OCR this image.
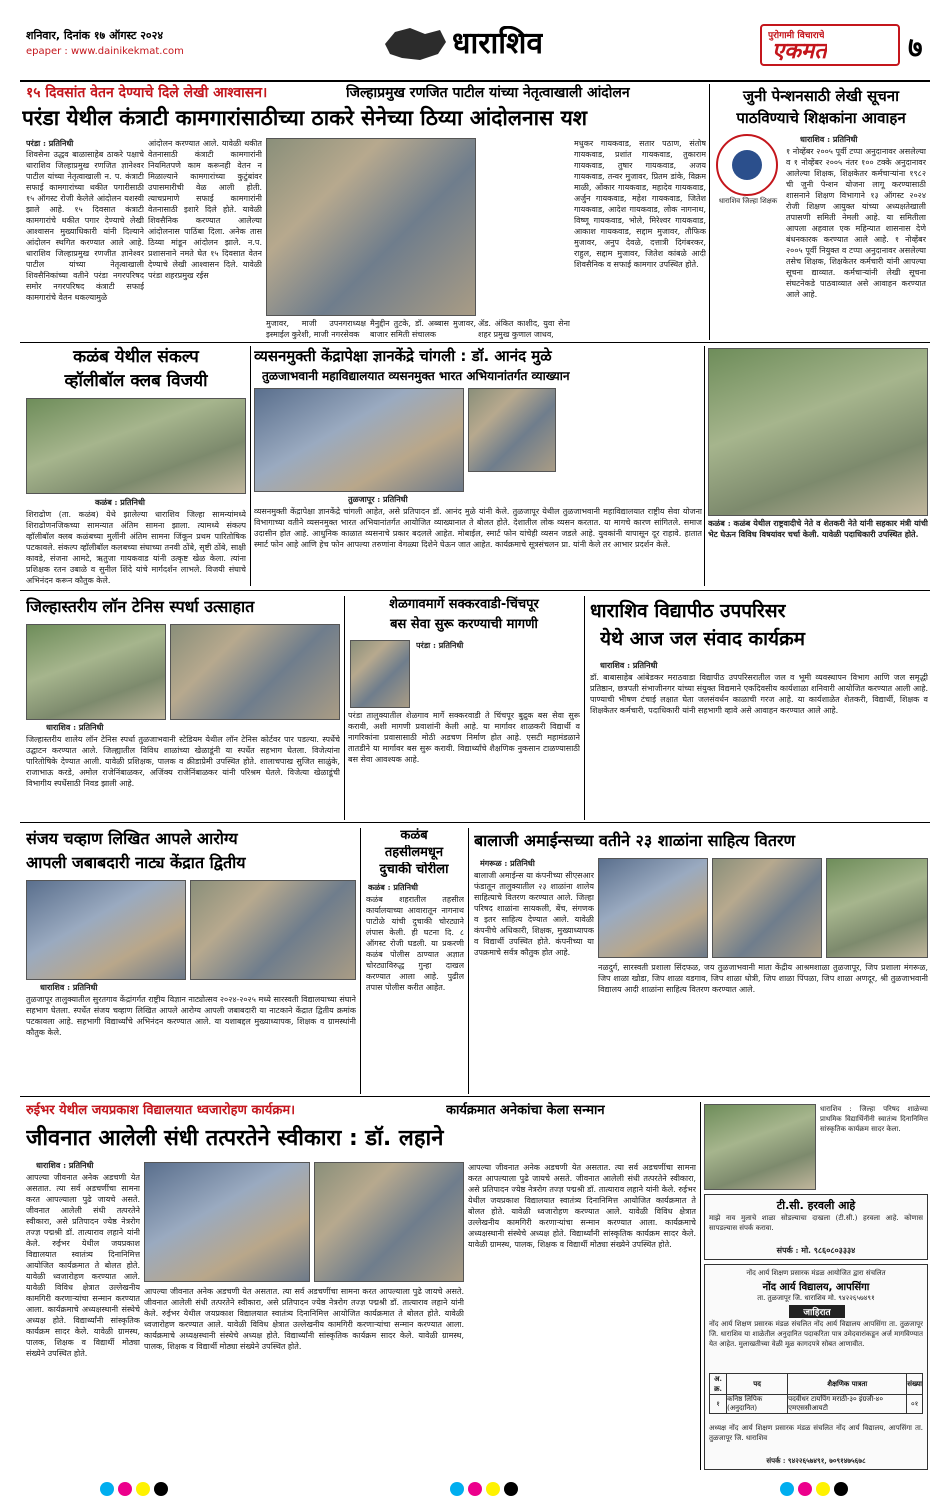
शनिवार, दिनांक १७ ऑगस्ट २०२४
epaper : www.dainikekmat.com	धाराशिव	पुरोगामी विचाराचे
एकमत	७
१५ दिवसांत वेतन देण्याचे दिले लेखी आश्वासन।	जिल्हाप्रमुख रणजित पाटील यांच्या नेतृत्वाखाली आंदोलन
परंडा येथील कंत्राटी कामगारांसाठीच्या ठाकरे सेनेच्या ठिय्या आंदोलनास यश
परंडा : प्रतिनिधी
शिवसेना उद्धव बाळासाहेब ठाकरे पक्षाचे धाराशिव जिल्हाप्रमुख रणजित ज्ञानेश्वर पाटील यांच्या नेतृत्वाखाली न. प. कंत्राटी सफाई कामगारांच्या थकीत पगारीसाठी १५ ऑगस्ट रोजी केलेले आंदोलन यशस्वी झाले आहे. १५ दिवसात कंत्राटी कामगारांचे थकीत पगार देण्याचे लेखी आश्वासन मुख्याधिकारी यांनी दिल्याने आंदोलन स्थगित करण्यात आले आहे. धाराशिव जिल्हाप्रमुख रणजीत ज्ञानेश्वर पाटील यांच्या नेतृत्वाखाली शिवसैनिकांच्या वतीने परंडा नगरपरिषद समोर नगरपरिषद कंत्राटी सफाई कामगारांचे वेतन थकल्यामुळे
आंदोलन करण्यात आले. यावेळी थकीत वेतनासाठी कंत्राटी कामगारांनी नियमितपणे काम करूनही वेतन न मिळाल्याने कामगारांच्या कुटुंबांवर उपासमारीची वेळ आली होती. त्याचप्रमाणे सफाई कामगारांनी वेतनासाठी इशारे दिले होते. यावेळी शिवसैनिक करण्यात आलेल्या आंदोलनास पाठिंबा दिला. अनेक तास ठिय्या मांडून आंदोलन झाले. न.प. प्रशासनाने नमते घेत १५ दिवसात वेतन देण्याचे लेखी आश्वासन दिले. यावेळी परंडा शहरप्रमुख रईस
मुजावर, माजी उपनगराध्यक्ष इस्माईल कुरेशी, माजी नगरसेवक
मैनुद्दीन तुटके, डॉ. अब्बास मुजावर, बाजार समिती संचालक
ॲड. अंकित काशीद, युवा सेना शहर प्रमुख कुणाल जाधव,
मधुकर गायकवाड, सतार पठाण, संतोष गायकवाड, प्रशांत गायकवाड, तुकाराम गायकवाड, तुषार गायकवाड, अजय गायकवाड, तन्वर मुजावर, प्रितम डांके, विक्रम माळी, ओंकार गायकवाड, महादेव गायकवाड, अर्जुन गायकवाड, महेश गायकवाड, जितेश गायकवाड, आदेश गायकवाड, लोक नागनाथ, विष्णू गायकवाड, भोले, मिरेश्वर गायकवाड, आकाश गायकवाड, सद्दाम मुजावर, तौफिक मुजावर, अनुप देवळे, दत्तात्री दिगंबरकर, राहुल, सद्दाम मुजावर, जितेश कांबळे आदी शिवसैनिक व सफाई कामगार उपस्थित होते.
जुनी पेन्शनसाठी लेखी सूचना
पाठविण्याचे शिक्षकांना आवाहन
धाराशिव जिल्हा शिक्षक
धाराशिव : प्रतिनिधी
१ नोव्हेंबर २००५ पूर्वी टप्पा अनुदानावर असलेल्या व १ नोव्हेंबर २००५ नंतर १०० टक्के अनुदानावर आलेल्या शिक्षक, शिक्षकेतर कर्मचाऱ्यांना १९८२ ची जुनी पेन्शन योजना लागू करण्यासाठी शासनाने शिक्षण विभागाने १३ ऑगस्ट २०२४ रोजी शिक्षण आयुक्त यांच्या अध्यक्षतेखाली तपासणी समिती नेमली आहे. या समितीला आपला अहवाल एक महिन्यात शासनास देणे बंधनकारक करण्यात आले आहे. १ नोव्हेंबर २००५ पूर्वी नियुक्त व टप्पा अनुदानावर असलेल्या तसेच शिक्षक, शिक्षकेतर कर्मचारी यांनी आपल्या सूचना द्याव्यात. कर्मचाऱ्यांनी लेखी सूचना संघटनेकडे पाठवाव्यात असे आवाहन करण्यात आले आहे.
कळंब येथील संकल्प
व्हॉलीबॉल क्लब विजयी
कळंब : प्रतिनिधी
शिराढोण (ता. कळंब) येथे झालेल्या धाराशिव जिल्हा सामन्यांमध्ये शिराढोणनजिकच्या सामन्यात अंतिम सामना झाला. त्यामध्ये संकल्प व्हॉलीबॉल क्लब कळंबच्या मुलींनी अंतिम सामना जिंकून प्रथम पारितोषिक पटकावले. संकल्प व्हॉलीबॉल कलबच्या संघाच्या तनवी ठोंबे, सृष्टी ठोंबे, साक्षी कावडे, संजना आमटे, ऋतुजा गायकवाड यांनी उत्कृष्ट खेळ केला. त्यांना प्रशिक्षक रतन उबाळे व सुनील शिंदे यांचे मार्गदर्शन लाभले. विजयी संघाचे अभिनंदन करून कौतुक केले.
व्यसनमुक्ती केंद्रापेक्षा ज्ञानकेंद्रे चांगली : डॉ. आनंद मुळे
तुळजाभवानी महाविद्यालयात व्यसनमुक्त भारत अभियानांतर्गत व्याख्यान
तुळजापूर : प्रतिनिधी
व्यसनमुक्ती केंद्रापेक्षा ज्ञानकेंद्रे चांगली आहेत, असे प्रतिपादन डॉ. आनंद मुळे यांनी केले. तुळजापूर येथील तुळजाभवानी महाविद्यालयात राष्ट्रीय सेवा योजना विभागाच्या वतीने व्यसनमुक्त भारत अभियानांतर्गत आयोजित व्याख्यानात ते बोलत होते. देशातील लोक व्यसन करतात. या मागचे कारण सांगितले. समाज उदासीन होत आहे. आधुनिक काळात व्यसनाचे प्रकार बदलले आहेत. मोबाईल, स्मार्ट फोन यांचेही व्यसन जडले आहे. युवकांनी यापासून दूर राहावे. हातात स्मार्ट फोन आहे आणि हेच फोन आपल्या तरुणांना वेगळ्या दिशेने घेऊन जात आहेत. कार्यक्रमाचे सूत्रसंचलन प्रा. यांनी केले तर आभार प्रदर्शन केले.
कळंब : कळंब येथील राष्ट्रवादीचे नेते व शेतकरी नेते यांनी सहकार मंत्री यांची भेट घेऊन विविध विषयांवर चर्चा केली. यावेळी पदाधिकारी उपस्थित होते.
जिल्हास्तरीय लॉन टेनिस स्पर्धा उत्साहात
धाराशिव : प्रतिनिधी
जिल्हास्तरीय शालेय लॉन टेनिस स्पर्धा तुळजाभवानी स्टेडियम येथील लॉन टेनिस कोर्टवर पार पडल्या. स्पर्धेचे उद्घाटन करण्यात आले. जिल्ह्यातील विविध शाळांच्या खेळाडूंनी या स्पर्धेत सहभाग घेतला. विजेत्यांना पारितोषिके देण्यात आली. यावेळी प्रशिक्षक, पालक व क्रीडाप्रेमी उपस्थित होते. शालाचपाख सुजित साळुंके, राजाभाऊ करडे, अमोल राजेनिंबाळकर, अजिंक्य राजेनिंबाळकर यांनी परिश्रम घेतले. विजेत्या खेळाडूंची विभागीय स्पर्धेसाठी निवड झाली आहे.
शेळगावमार्गे सक्करवाडी-चिंचपूर
बस सेवा सुरू करण्याची मागणी
परंडा : प्रतिनिधी
परंडा तालुक्यातील शेळगाव मार्गे सक्करवाडी ते चिंचपूर बुद्रुक बस सेवा सुरू करावी, अशी मागणी प्रवाशांनी केली आहे. या मार्गावर शाळकरी विद्यार्थी व नागरिकांना प्रवासासाठी मोठी अडचण निर्माण होत आहे. एसटी महामंडळाने तातडीने या मार्गावर बस सुरू करावी. विद्यार्थ्यांचे शैक्षणिक नुकसान टाळण्यासाठी बस सेवा आवश्यक आहे.
धाराशिव विद्यापीठ उपपरिसर
येथे आज जल संवाद कार्यक्रम
धाराशिव : प्रतिनिधी
डॉ. बाबासाहेब आंबेडकर मराठवाडा विद्यापीठ उपपरिसरातील जल व भूमी व्यवस्थापन विभाग आणि जल समृद्धी प्रतिष्ठान, छत्रपती संभाजीनगर यांच्या संयुक्त विद्यमाने एकदिवसीय कार्यशाळा शनिवारी आयोजित करण्यात आली आहे. पाण्याची भीषण टंचाई लक्षात घेता जलसंवर्धन काळाची गरज आहे. या कार्यशाळेत शेतकरी, विद्यार्थी, शिक्षक व शिक्षकेतर कर्मचारी, पदाधिकारी यांनी सहभागी व्हावे असे आवाहन करण्यात आले आहे.
संजय चव्हाण लिखित आपले आरोग्य
आपली जबाबदारी नाट्य केंद्रात द्वितीय
धाराशिव : प्रतिनिधी
तुळजापूर तालुक्यातील सुरतगाव केंद्रांगर्गत राष्ट्रीय विज्ञान नाट्योत्सव २०२४-२०२५ मध्ये सारस्वती विद्यालयाच्या संघाने सहभाग घेतला. स्पर्धेत संजय चव्हाण लिखित आपले आरोग्य आपली जबाबदारी या नाटकाने केंद्रात द्वितीय क्रमांक पटकावला आहे. सहभागी विद्यार्थ्यांचे अभिनंदन करण्यात आले. या यशाबद्दल मुख्याध्यापक, शिक्षक व ग्रामस्थांनी कौतुक केले.
कळंब
तहसीलमधून
दुचाकी चोरीला
कळंब : प्रतिनिधी
कळंब शहरातील तहसील कार्यालयाच्या आवारातून नागनाथ पाटोळे यांची दुचाकी चोरट्याने लंपास केली. ही घटना दि. ८ ऑगस्ट रोजी घडली. या प्रकरणी कळंब पोलीस ठाण्यात अज्ञात चोरट्याविरुद्ध गुन्हा दाखल करण्यात आला आहे. पुढील तपास पोलीस करीत आहेत.
बालाजी अमाईन्सच्या वतीने २३ शाळांना साहित्य वितरण
मंगरूळ : प्रतिनिधी
बालाजी अमाईन्स या कंपनीच्या सीएसआर फंडातून तालुक्यातील २३ शाळांना शालेय साहित्याचे वितरण करण्यात आले. जिल्हा परिषद शाळांना सायकली, बेंच, संगणक व इतर साहित्य देण्यात आले. यावेळी कंपनीचे अधिकारी, शिक्षक, मुख्याध्यापक व विद्यार्थी उपस्थित होते. कंपनीच्या या उपक्रमाचे सर्वत्र कौतुक होत आहे.
नळदुर्ग, सारस्वती प्रशाला सिंदफळ, जय तुळजाभवानी माता केंद्रीय आश्रमशाळा तुळजापूर, जिप प्रशाला मंगरूळ, जिप शाळा खोडा, जिप शाळा वडगाव, जिप शाळा धोत्री, जिप शाळा पिंपळा, जिप शाळा अणदूर, श्री तुळजाभवानी विद्यालय आदी शाळांना साहित्य वितरण करण्यात आले.
रुईभर येथील जयप्रकाश विद्यालयात ध्वजारोहण कार्यक्रम।	कार्यक्रमात अनेकांचा केला सन्मान
जीवनात आलेली संधी तत्परतेने स्वीकारा : डॉ. लहाने
धाराशिव : प्रतिनिधी
आपल्या जीवनात अनेक अडचणी येत असतात. त्या सर्व अडचणींचा सामना करत आपल्याला पुढे जायचे असते. जीवनात आलेली संधी तत्परतेने स्वीकारा, असे प्रतिपादन ज्येष्ठ नेत्ररोग तज्ज्ञ पद्मश्री डॉ. तात्याराव लहाने यांनी केले. रुईभर येथील जयप्रकाश विद्यालयात स्वातंत्र्य दिनानिमित्त आयोजित कार्यक्रमात ते बोलत होते. यावेळी ध्वजारोहण करण्यात आले. यावेळी विविध क्षेत्रात उल्लेखनीय कामगिरी करणाऱ्यांचा सन्मान करण्यात आला. कार्यक्रमाचे अध्यक्षस्थानी संस्थेचे अध्यक्ष होते. विद्यार्थ्यांनी सांस्कृतिक कार्यक्रम सादर केले. यावेळी ग्रामस्थ, पालक, शिक्षक व विद्यार्थी मोठ्या संख्येने उपस्थित होते.
आपल्या जीवनात अनेक अडचणी येत असतात. त्या सर्व अडचणींचा सामना करत आपल्याला पुढे जायचे असते. जीवनात आलेली संधी तत्परतेने स्वीकारा, असे प्रतिपादन ज्येष्ठ नेत्ररोग तज्ज्ञ पद्मश्री डॉ. तात्याराव लहाने यांनी केले. रुईभर येथील जयप्रकाश विद्यालयात स्वातंत्र्य दिनानिमित्त आयोजित कार्यक्रमात ते बोलत होते. यावेळी ध्वजारोहण करण्यात आले. यावेळी विविध क्षेत्रात उल्लेखनीय कामगिरी करणाऱ्यांचा सन्मान करण्यात आला. कार्यक्रमाचे अध्यक्षस्थानी संस्थेचे अध्यक्ष होते. विद्यार्थ्यांनी सांस्कृतिक कार्यक्रम सादर केले. यावेळी ग्रामस्थ, पालक, शिक्षक व विद्यार्थी मोठ्या संख्येने उपस्थित होते.
आपल्या जीवनात अनेक अडचणी येत असतात. त्या सर्व अडचणींचा सामना करत आपल्याला पुढे जायचे असते. जीवनात आलेली संधी तत्परतेने स्वीकारा, असे प्रतिपादन ज्येष्ठ नेत्ररोग तज्ज्ञ पद्मश्री डॉ. तात्याराव लहाने यांनी केले. रुईभर येथील जयप्रकाश विद्यालयात स्वातंत्र्य दिनानिमित्त आयोजित कार्यक्रमात ते बोलत होते. यावेळी ध्वजारोहण करण्यात आले. यावेळी विविध क्षेत्रात उल्लेखनीय कामगिरी करणाऱ्यांचा सन्मान करण्यात आला. कार्यक्रमाचे अध्यक्षस्थानी संस्थेचे अध्यक्ष होते. विद्यार्थ्यांनी सांस्कृतिक कार्यक्रम सादर केले. यावेळी ग्रामस्थ, पालक, शिक्षक व विद्यार्थी मोठ्या संख्येने उपस्थित होते.
धाराशिव : जिल्हा परिषद शाळेच्या प्राथमिक विद्यार्थिनींनी स्वातंत्र्य दिनानिमित्त सांस्कृतिक कार्यक्रम सादर केला.
टी.सी. हरवली आहे
माझे नाव मुलाचे शाळा सोडल्याचा दाखला (टी.सी.) हरवला आहे. कोणास सापडल्यास संपर्क करावा.
संपर्क : मो. ९८६०८०३३३४
नोंद आर्य शिक्षण प्रसारक मंडळ आयोजित द्वारा संचलित
नोंद आर्य विद्यालय, आपसिंगा
ता. तुळजापूर जि. धाराशिव मो. ९४२२६५७४९१
जाहिरात
नोंद आर्य शिक्षण प्रसारक मंडळ संचलित नोंद आर्य विद्यालय आपसिंगा ता. तुळजापूर जि. धाराशिव या शाळेतील अनुदानित पदाकरिता पात्र उमेदवारांकडून अर्ज मागविण्यात येत आहेत. मुलाखतीच्या वेळी मूळ कागदपत्रे सोबत आणावीत.
अ. क्र.	पद	शैक्षणिक पात्रता	संख्या
१	कनिष्ठ लिपिक (अनुदानित)	पदवीधर टायपिंग मराठी-३० इंग्रजी-४० एमएससीआयटी	०१
अध्यक्ष नोंद आर्य शिक्षण प्रसारक मंडळ संचलित नोंद आर्य विद्यालय, आपसिंगा ता. तुळजापूर जि. धाराशिव
संपर्क : ९४२२६५७४९१, ७०९१४७५६७८
